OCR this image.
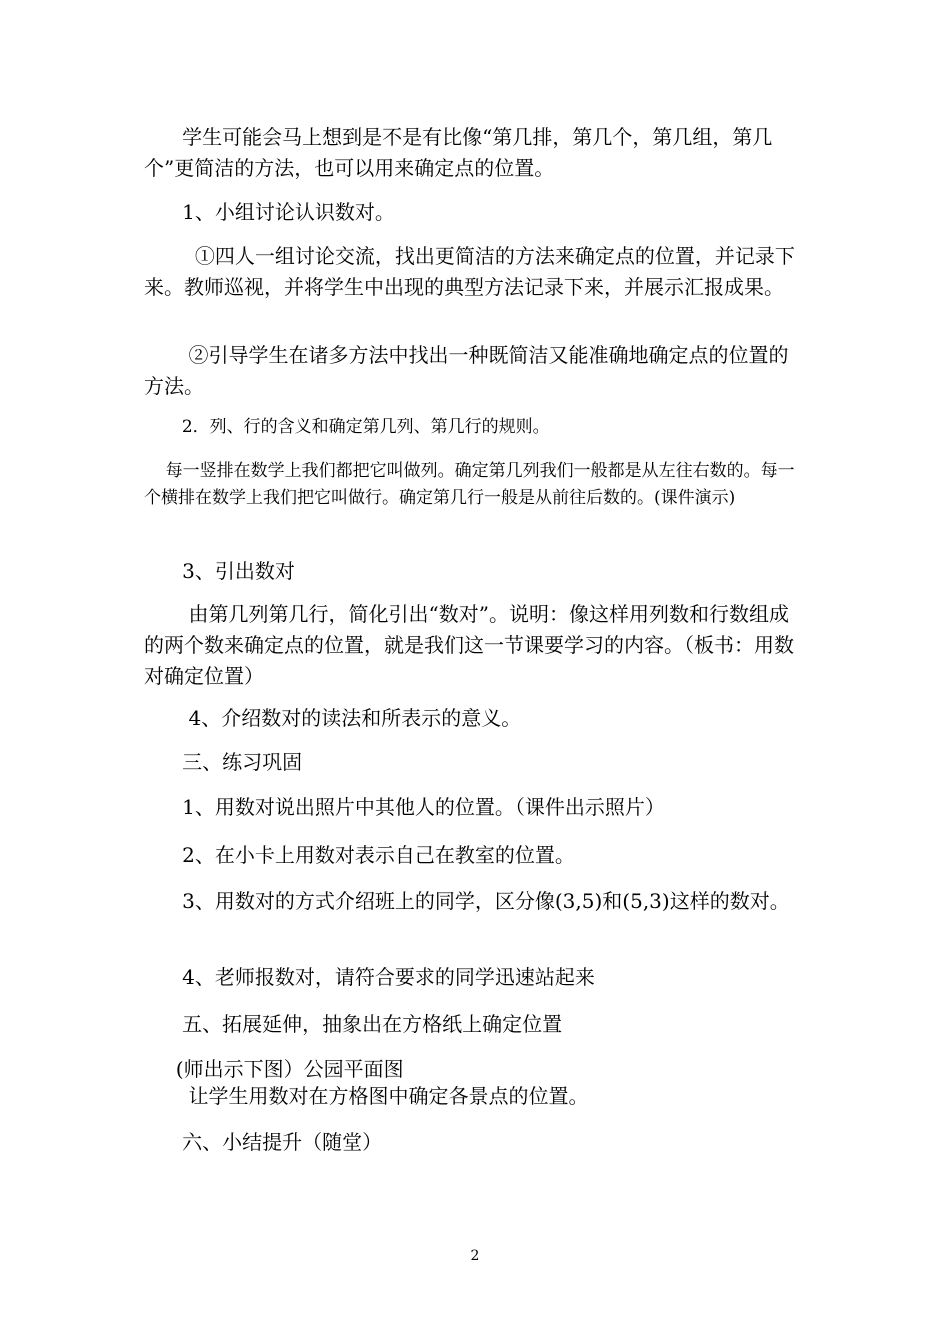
学生可能会马上想到是不是有比像“第几排，第几个，第几组，第几个”更简洁的方法，也可以用来确定点的位置。

1、小组讨论认识数对。

①四人一组讨论交流，找出更简洁的方法来确定点的位置，并记录下来。教师巡视，并将学生中出现的典型方法记录下来，并展示汇报成果。

②引导学生在诸多方法中找出一种既简洁又能准确地确定点的位置的方法。

2．列、行的含义和确定第几列、第几行的规则。

每一竖排在数学上我们都把它叫做列。确定第几列我们一般都是从左往右数的。每一个横排在数学上我们把它叫做行。确定第几行一般是从前往后数的。(课件演示)

3、引出数对

由第几列第几行，简化引出“数对”。说明：像这样用列数和行数组成的两个数来确定点的位置，就是我们这一节课要学习的内容。（板书：用数对确定位置）

4、介绍数对的读法和所表示的意义。

三、练习巩固

1、用数对说出照片中其他人的位置。（课件出示照片）

2、在小卡上用数对表示自己在教室的位置。

3、用数对的方式介绍班上的同学，区分像(3,5)和(5,3)这样的数对。

4、老师报数对，请符合要求的同学迅速站起来

五、拓展延伸，抽象出在方格纸上确定位置

(师出示下图）公园平面图

让学生用数对在方格图中确定各景点的位置。

六、小结提升（随堂）

2
